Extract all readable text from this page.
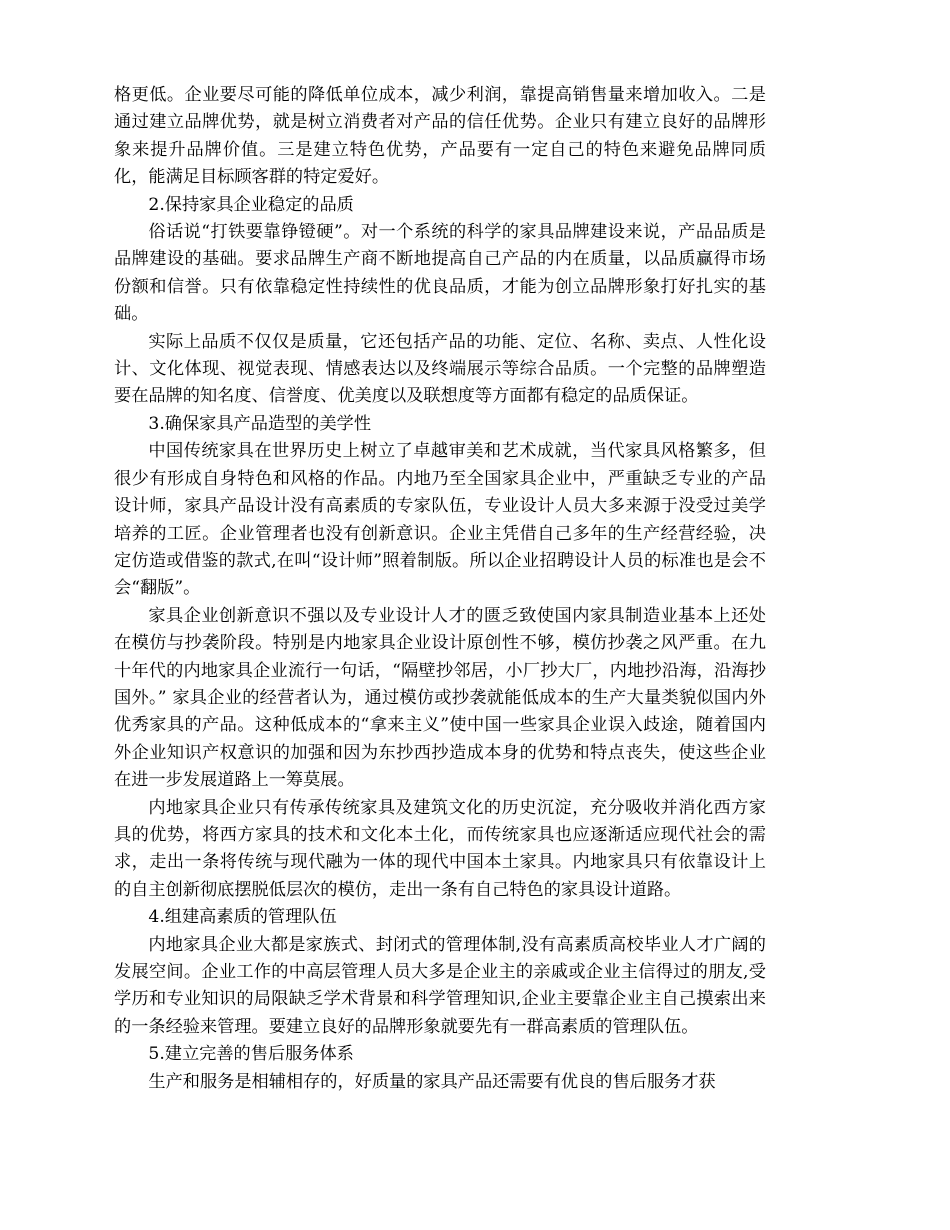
格更低。企业要尽可能的降低单位成本，减少利润，靠提高销售量来增加收入。二是通过建立品牌优势，就是树立消费者对产品的信任优势。企业只有建立良好的品牌形象来提升品牌价值。三是建立特色优势，产品要有一定自己的特色来避免品牌同质化，能满足目标顾客群的特定爱好。

2.保持家具企业稳定的品质

俗话说“打铁要靠铮镫硬”。对一个系统的科学的家具品牌建设来说，产品品质是品牌建设的基础。要求品牌生产商不断地提高自己产品的内在质量，以品质赢得市场份额和信誉。只有依靠稳定性持续性的优良品质，才能为创立品牌形象打好扎实的基础。

实际上品质不仅仅是质量，它还包括产品的功能、定位、名称、卖点、人性化设计、文化体现、视觉表现、情感表达以及终端展示等综合品质。一个完整的品牌塑造要在品牌的知名度、信誉度、优美度以及联想度等方面都有稳定的品质保证。

3.确保家具产品造型的美学性

中国传统家具在世界历史上树立了卓越审美和艺术成就，当代家具风格繁多，但很少有形成自身特色和风格的作品。内地乃至全国家具企业中，严重缺乏专业的产品设计师，家具产品设计没有高素质的专家队伍，专业设计人员大多来源于没受过美学培养的工匠。企业管理者也没有创新意识。企业主凭借自己多年的生产经营经验，决定仿造或借鉴的款式,在叫“设计师”照着制版。所以企业招聘设计人员的标准也是会不会“翻版”。

家具企业创新意识不强以及专业设计人才的匮乏致使国内家具制造业基本上还处在模仿与抄袭阶段。特别是内地家具企业设计原创性不够，模仿抄袭之风严重。在九十年代的内地家具企业流行一句话，“隔壁抄邻居，小厂抄大厂，内地抄沿海，沿海抄国外。” 家具企业的经营者认为，通过模仿或抄袭就能低成本的生产大量类貌似国内外优秀家具的产品。这种低成本的“拿来主义”使中国一些家具企业误入歧途，随着国内外企业知识产权意识的加强和因为东抄西抄造成本身的优势和特点丧失，使这些企业在进一步发展道路上一筹莫展。

内地家具企业只有传承传统家具及建筑文化的历史沉淀，充分吸收并消化西方家具的优势，将西方家具的技术和文化本土化，而传统家具也应逐渐适应现代社会的需求，走出一条将传统与现代融为一体的现代中国本土家具。内地家具只有依靠设计上的自主创新彻底摆脱低层次的模仿，走出一条有自己特色的家具设计道路。

4.组建高素质的管理队伍

内地家具企业大都是家族式、封闭式的管理体制,没有高素质高校毕业人才广阔的发展空间。企业工作的中高层管理人员大多是企业主的亲戚或企业主信得过的朋友,受学历和专业知识的局限缺乏学术背景和科学管理知识,企业主要靠企业主自己摸索出来的一条经验来管理。要建立良好的品牌形象就要先有一群高素质的管理队伍。

5.建立完善的售后服务体系

生产和服务是相辅相存的，好质量的家具产品还需要有优良的售后服务才获
